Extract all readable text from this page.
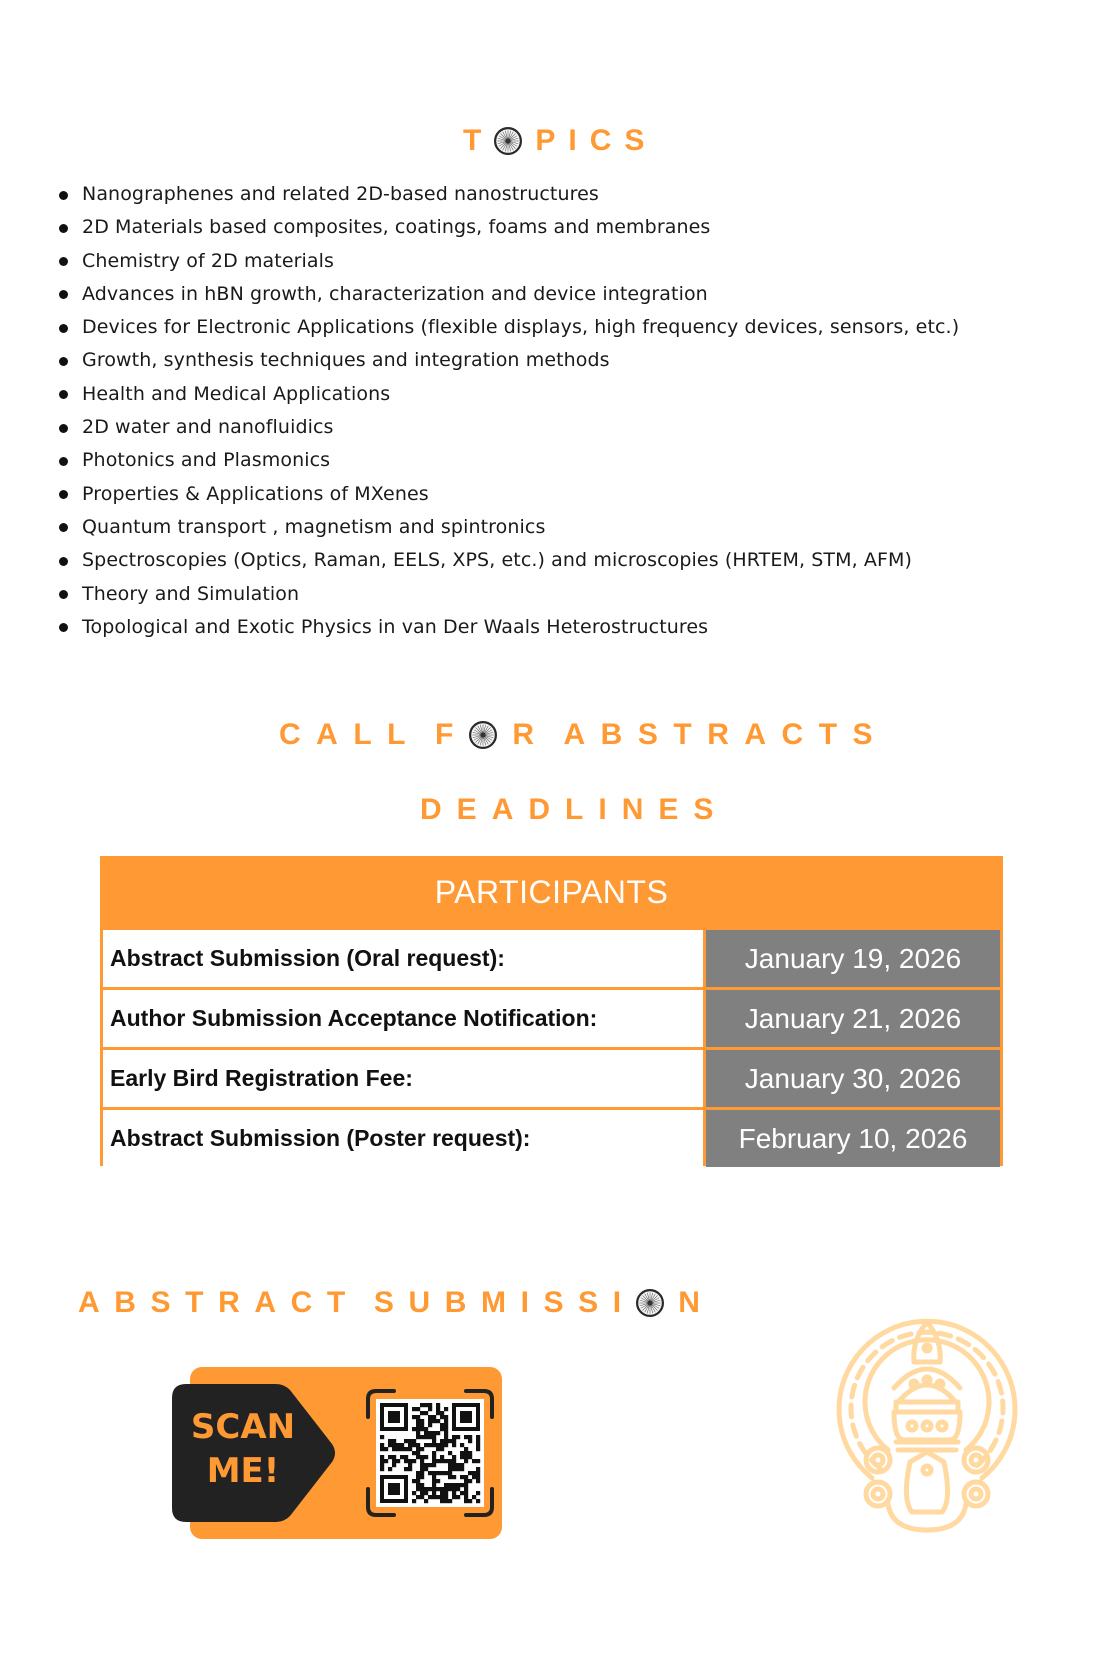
T P I C S
Nanographenes and related 2D-based nanostructures
2D Materials based composites, coatings, foams and membranes
Chemistry of 2D materials
Advances in hBN growth, characterization and device integration
Devices for Electronic Applications (flexible displays, high frequency devices, sensors, etc.)
Growth, synthesis techniques and integration methods
Health and Medical Applications
2D water and nanofluidics
Photonics and Plasmonics
Properties & Applications of MXenes
Quantum transport , magnetism and spintronics
Spectroscopies (Optics, Raman, EELS, XPS, etc.) and microscopies (HRTEM, STM, AFM)
Theory and Simulation
Topological and Exotic Physics in van Der Waals Heterostructures
C A L L F R A B S T R A C T S
D E A D L I N E S
PARTICIPANTS
Abstract Submission (Oral request):	January 19, 2026
Author Submission Acceptance Notification:	January 21, 2026
Early Bird Registration Fee:	January 30, 2026
Abstract Submission (Poster request):	February 10, 2026
A B S T R A C T S U B M I S S I N
SCAN
ME!
